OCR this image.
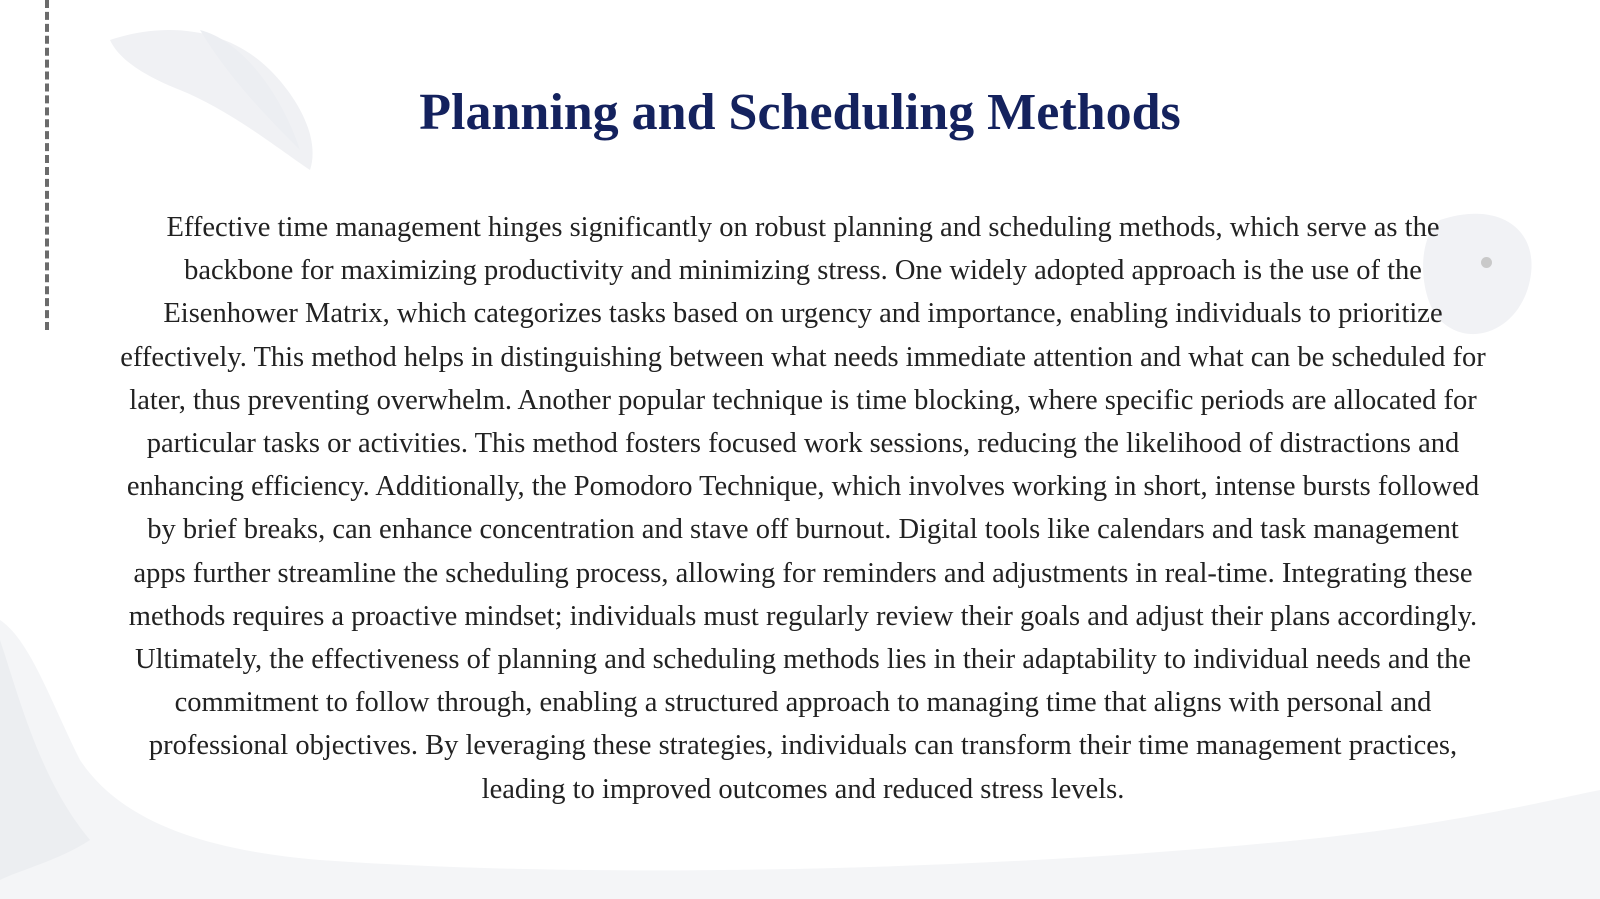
Planning and Scheduling Methods

Effective time management hinges significantly on robust planning and scheduling methods, which serve as the backbone for maximizing productivity and minimizing stress. One widely adopted approach is the use of the Eisenhower Matrix, which categorizes tasks based on urgency and importance, enabling individuals to prioritize effectively. This method helps in distinguishing between what needs immediate attention and what can be scheduled for later, thus preventing overwhelm. Another popular technique is time blocking, where specific periods are allocated for particular tasks or activities. This method fosters focused work sessions, reducing the likelihood of distractions and enhancing efficiency. Additionally, the Pomodoro Technique, which involves working in short, intense bursts followed by brief breaks, can enhance concentration and stave off burnout. Digital tools like calendars and task management apps further streamline the scheduling process, allowing for reminders and adjustments in real-time. Integrating these methods requires a proactive mindset; individuals must regularly review their goals and adjust their plans accordingly. Ultimately, the effectiveness of planning and scheduling methods lies in their adaptability to individual needs and the commitment to follow through, enabling a structured approach to managing time that aligns with personal and professional objectives. By leveraging these strategies, individuals can transform their time management practices, leading to improved outcomes and reduced stress levels.
